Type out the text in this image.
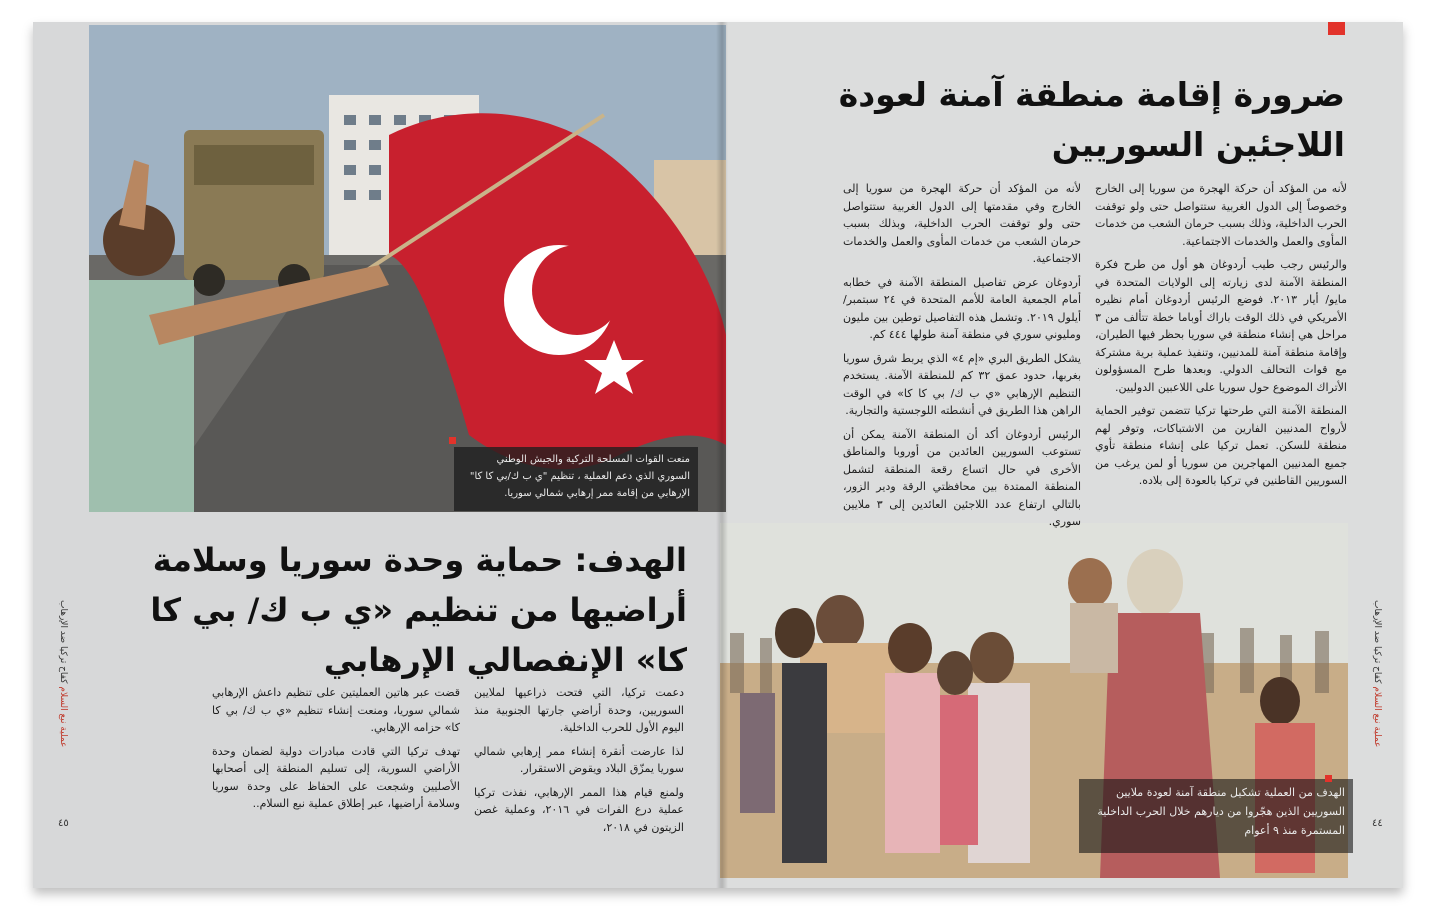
منعت القوات المسلحة التركية والجيش الوطني السوري الذي دعم العملية ، تنظيم "ي ب ك/بي كا كا" الإرهابي من إقامة ممر إرهابي شمالي سوريا.
الهدف من العملية تشكيل منطقة آمنة لعودة ملايين السوريين الذين هجّروا من ديارهم خلال الحرب الداخلية المستمرة منذ ٩ أعوام
ضرورة إقامة منطقة آمنة لعودة اللاجئين السوريين

لأنه من المؤكد أن حركة الهجرة من سوريا إلى الخارج وخصوصاً إلى الدول الغربية ستتواصل حتى ولو توقفت الحرب الداخلية، وذلك بسبب حرمان الشعب من خدمات المأوى والعمل والخدمات الاجتماعية.

والرئيس رجب طيب أردوغان هو أول من طرح فكرة المنطقة الآمنة لدى زيارته إلى الولايات المتحدة في مايو/ أيار ٢٠١٣. فوضع الرئيس أردوغان أمام نظيره الأمريكي في ذلك الوقت باراك أوباما خطة تتألف من ٣ مراحل هي إنشاء منطقة في سوريا بحظر فيها الطيران، وإقامة منطقة آمنة للمدنيين، وتنفيذ عملية برية مشتركة مع قوات التحالف الدولي. وبعدها طرح المسؤولون الأتراك الموضوع حول سوريا على اللاعبين الدوليين.

المنطقة الآمنة التي طرحتها تركيا تتضمن توفير الحماية لأرواح المدنيين الفارين من الاشتباكات، وتوفر لهم منطقة للسكن. تعمل تركيا على إنشاء منطقة تأوي جميع المدنيين المهاجرين من سوريا أو لمن يرغب من السوريين القاطنين في تركيا بالعودة إلى بلاده.

لأنه من المؤكد أن حركة الهجرة من سوريا إلى الخارج وفي مقدمتها إلى الدول الغربية ستتواصل حتى ولو توقفت الحرب الداخلية، وبذلك بسبب حرمان الشعب من خدمات المأوى والعمل والخدمات الاجتماعية.

أردوغان عرض تفاصيل المنطقة الآمنة في خطابه أمام الجمعية العامة للأمم المتحدة في ٢٤ سبتمبر/ أيلول ٢٠١٩. وتشمل هذه التفاصيل توطين بين مليون ومليوني سوري في منطقة آمنة طولها ٤٤٤ كم.

يشكل الطريق البري «إم ٤» الذي يربط شرق سوريا بغربها، حدود عمق ٣٢ كم للمنطقة الآمنة. يستخدم التنظيم الإرهابي «ي ب ك/ بي كا كا» في الوقت الراهن هذا الطريق في أنشطته اللوجستية والتجارية.

الرئيس أردوغان أكد أن المنطقة الآمنة يمكن أن تستوعب السوريين العائدين من أوروبا والمناطق الأخرى في حال اتساع رقعة المنطقة لتشمل المنطقة الممتدة بين محافظتي الرقة ودير الزور، بالتالي ارتفاع عدد اللاجئين العائدين إلى ٣ ملايين سوري.

الهدف: حماية وحدة سوريا وسلامة أراضيها من تنظيم «ي ب ك/ بي كا كا» الإنفصالي الإرهابي

دعمت تركيا، التي فتحت ذراعيها لملايين السوريين، وحدة أراضي جارتها الجنوبية منذ اليوم الأول للحرب الداخلية.

لذا عارضت أنقرة إنشاء ممر إرهابي شمالي سوريا يمزّق البلاد ويقوض الاستقرار.

ولمنع قيام هذا الممر الإرهابي، نفذت تركيا عملية درع الفرات في ٢٠١٦، وعملية غصن الزيتون في ٢٠١٨،

قضت عبر هاتين العمليتين على تنظيم داعش الإرهابي شمالي سوريا، ومنعت إنشاء تنظيم «ي ب ك/ بي كا كا» حزامه الإرهابي.

تهدف تركيا التي قادت مبادرات دولية لضمان وحدة الأراضي السورية، إلى تسليم المنطقة إلى أصحابها الأصليين وشجعت على الحفاظ على وحدة سوريا وسلامة أراضيها، عبر إطلاق عملية نبع السلام..

عملية نبع السلام كفاح تركيا ضد الإرهاب
٤٥
عملية نبع السلام كفاح تركيا ضد الإرهاب
٤٤
